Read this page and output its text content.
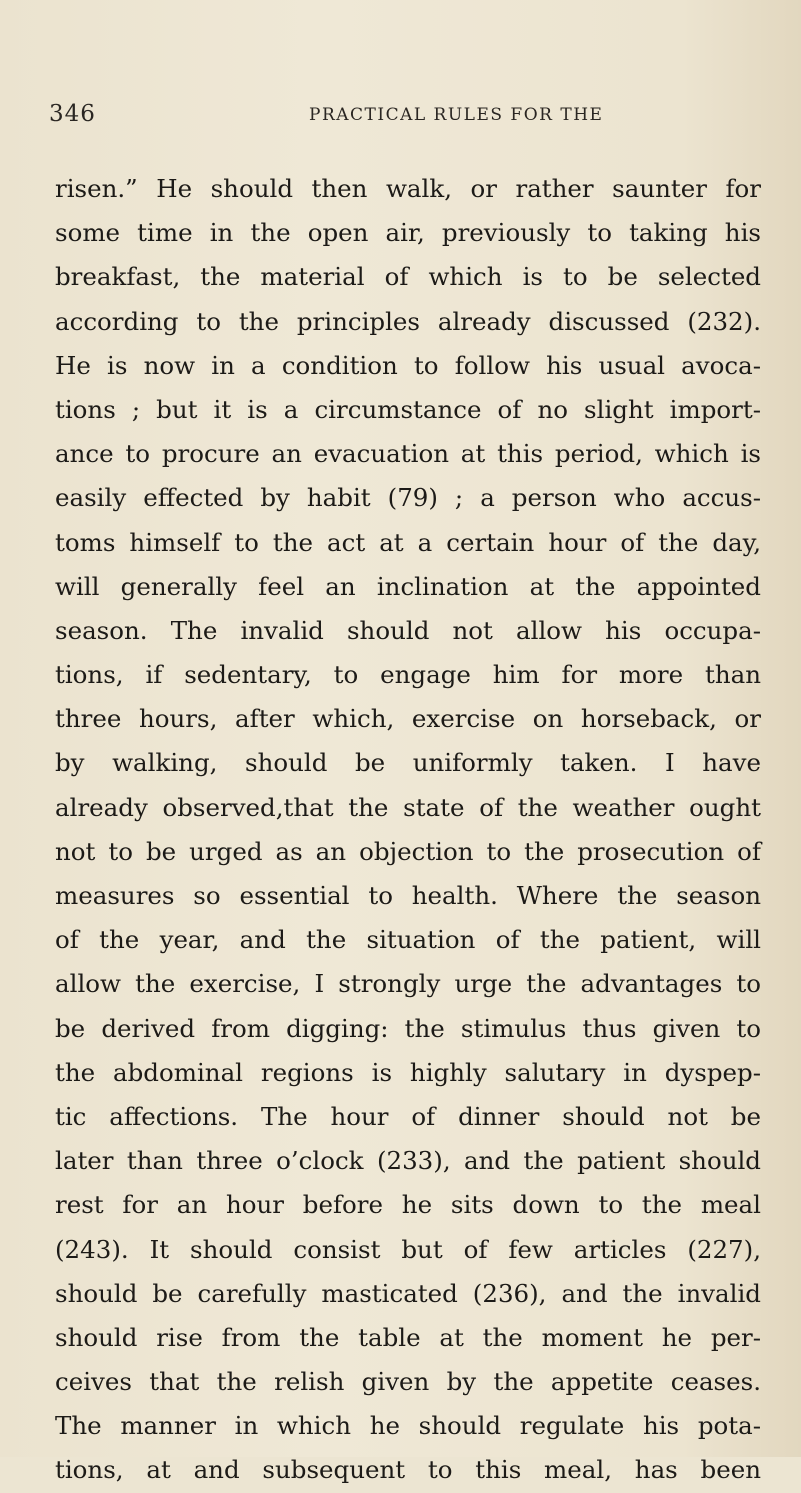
346	PRACTICAL RULES FOR THE
risen.” He should then walk, or rather saunter for
some time in the open air, previously to taking his
breakfast, the material of which is to be selected
according to the principles already discussed (232).
He is now in a condition to follow his usual avoca-
tions ; but it is a circumstance of no slight import-
ance to procure an evacuation at this period, which is
easily effected by habit (79) ; a person who accus-
toms himself to the act at a certain hour of the day,
will generally feel an inclination at the appointed
season. The invalid should not allow his occupa-
tions, if sedentary, to engage him for more than
three hours, after which, exercise on horseback, or
by walking, should be uniformly taken. I have
already observed,that the state of the weather ought
not to be urged as an objection to the prosecution of
measures so essential to health. Where the season
of the year, and the situation of the patient, will
allow the exercise, I strongly urge the advantages to
be derived from digging: the stimulus thus given to
the abdominal regions is highly salutary in dyspep-
tic affections. The hour of dinner should not be
later than three o’clock (233), and the patient should
rest for an hour before he sits down to the meal
(243). It should consist but of few articles (227),
should be carefully masticated (236), and the invalid
should rise from the table at the moment he per-
ceives that the relish given by the appetite ceases.
The manner in which he should regulate his pota-
tions, at and subsequent to this meal, has been
